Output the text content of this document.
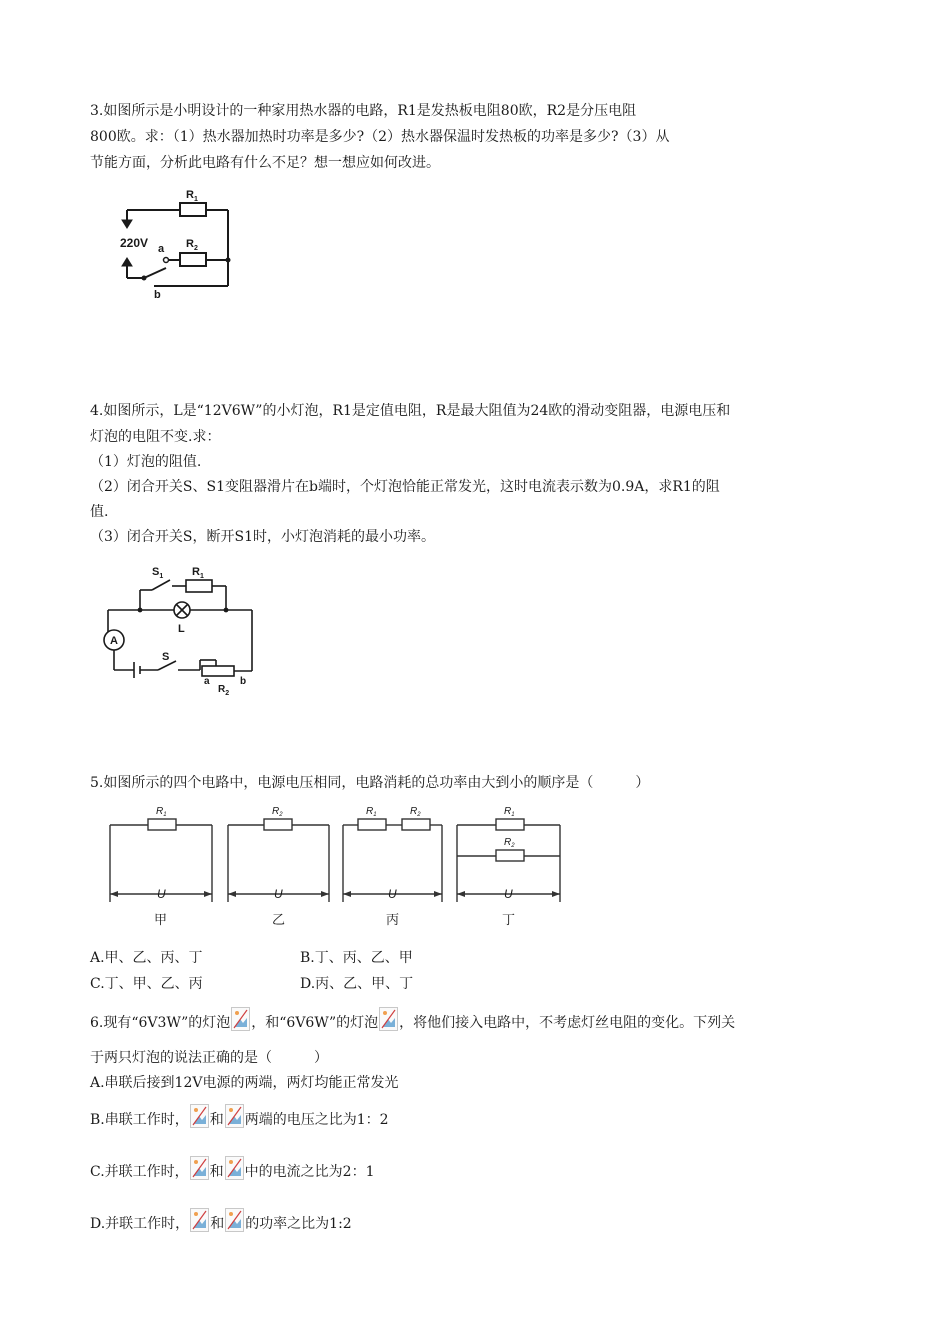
3.如图所示是小明设计的一种家用热水器的电路，R1是发热板电阻80欧，R2是分压电阻
800欧。求：（1）热水器加热时功率是多少?（2）热水器保温时发热板的功率是多少?（3）从
节能方面，分析此电路有什么不足？想一想应如何改进。
$R_1$
$R_2$
220V a
b
4.如图所示，L是“12V6W”的小灯泡，R1是定值电阻，R是最大阻值为24欧的滑动变阻器，电源电压和
灯泡的电阻不变.求：
（1）灯泡的阻值.
（2）闭合开关S、S1变阻器滑片在b端时，个灯泡恰能正常发光，这时电流表示数为0.9A，求R1的阻
值.
（3）闭合开关S，断开S1时，小灯泡消耗的最小功率。
$S_1$	$R_1$
L
A
S
a	b
$R_2$
5.如图所示的四个电路中，电源电压相同，电路消耗的总功率由大到小的顺序是（　　　）
$R_1$	$R_2$	$R_1$	$R_2$	$R_1$
$R_2$
U	U	U	U
甲	乙	丙	丁
A.甲、乙、丙、丁	B.丁、丙、乙、甲
C.丁、甲、乙、丙	D.丙、乙、甲、丁
6.现有“6V3W”的灯泡 ，和“6V6W”的灯泡 ，将他们接入电路中，不考虑灯丝电阻的变化。下列关
于两只灯泡的说法正确的是（　　　）
A.串联后接到12V电源的两端，两灯均能正常发光
B.串联工作时， 和 两端的电压之比为1：2
C.并联工作时， 和 中的电流之比为2：1
D.并联工作时， 和 的功率之比为1:2
